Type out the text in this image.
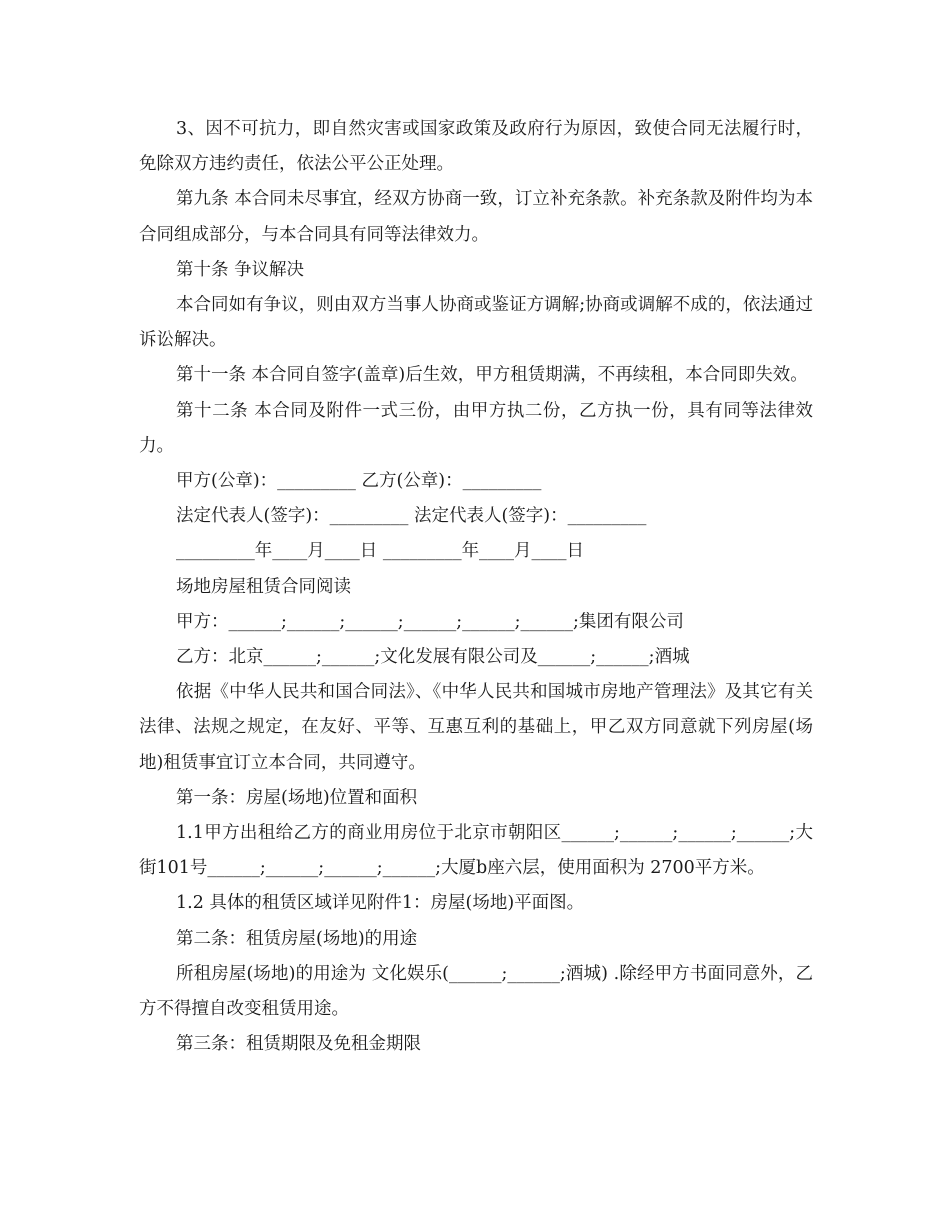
3、因不可抗力，即自然灾害或国家政策及政府行为原因，致使合同无法履行时，免除双方违约责任，依法公平公正处理。

第九条 本合同未尽事宜，经双方协商一致，订立补充条款。补充条款及附件均为本合同组成部分，与本合同具有同等法律效力。

第十条 争议解决

本合同如有争议，则由双方当事人协商或鉴证方调解;协商或调解不成的，依法通过诉讼解决。

第十一条 本合同自签字(盖章)后生效，甲方租赁期满，不再续租，本合同即失效。

第十二条 本合同及附件一式三份，由甲方执二份，乙方执一份，具有同等法律效力。

甲方(公章)：_________ 乙方(公章)：_________

法定代表人(签字)：_________ 法定代表人(签字)：_________

_________年____月____日 _________年____月____日

场地房屋租赁合同阅读

甲方：______;______;______;______;______;______;集团有限公司

乙方：北京______;______;文化发展有限公司及______;______;酒城

依据《中华人民共和国合同法》、《中华人民共和国城市房地产管理法》及其它有关法律、法规之规定，在友好、平等、互惠互利的基础上，甲乙双方同意就下列房屋(场地)租赁事宜订立本合同，共同遵守。

第一条：房屋(场地)位置和面积

1.1甲方出租给乙方的商业用房位于北京市朝阳区______;______;______;______;大街101号______;______;______;______;大厦b座六层，使用面积为 2700平方米。

1.2 具体的租赁区域详见附件1：房屋(场地)平面图。

第二条：租赁房屋(场地)的用途

所租房屋(场地)的用途为 文化娱乐(______;______;酒城) .除经甲方书面同意外，乙方不得擅自改变租赁用途。

第三条：租赁期限及免租金期限
